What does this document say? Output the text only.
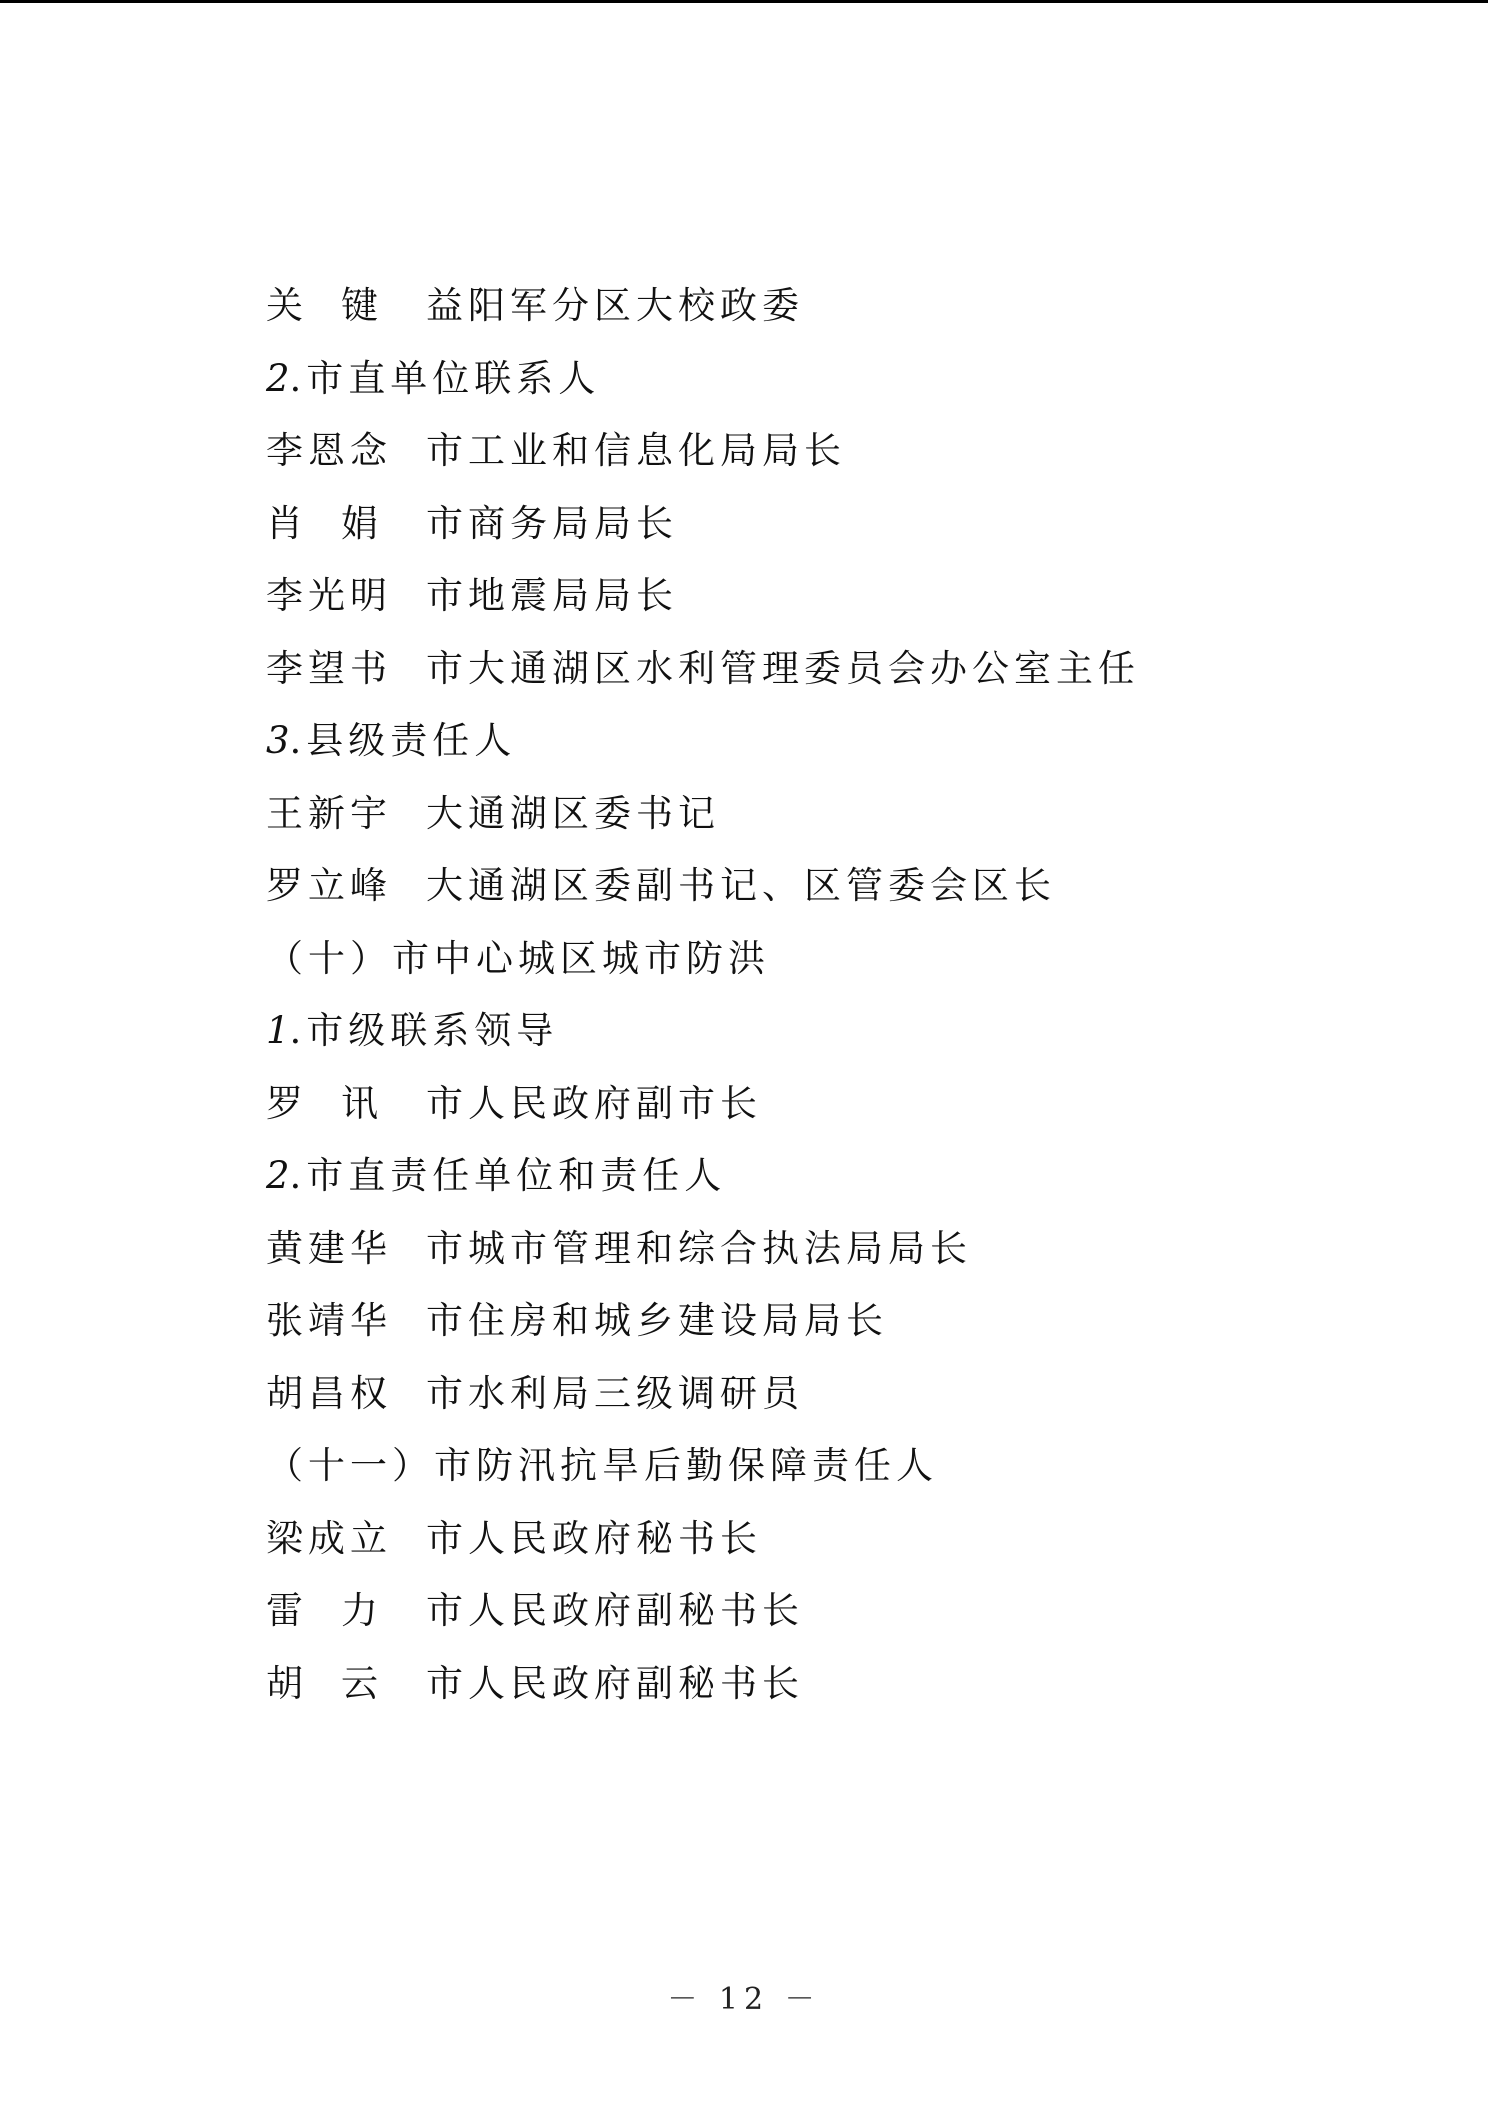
关 键 益阳军分区大校政委
2.市直单位联系人
李恩念 市工业和信息化局局长
肖 娟 市商务局局长
李光明 市地震局局长
李望书 市大通湖区水利管理委员会办公室主任
3.县级责任人
王新宇 大通湖区委书记
罗立峰 大通湖区委副书记、区管委会区长
（十）市中心城区城市防洪
1.市级联系领导
罗 讯 市人民政府副市长
2.市直责任单位和责任人
黄建华 市城市管理和综合执法局局长
张靖华 市住房和城乡建设局局长
胡昌权 市水利局三级调研员
（十一）市防汛抗旱后勤保障责任人
梁成立 市人民政府秘书长
雷 力 市人民政府副秘书长
胡 云 市人民政府副秘书长
－ 12 －
